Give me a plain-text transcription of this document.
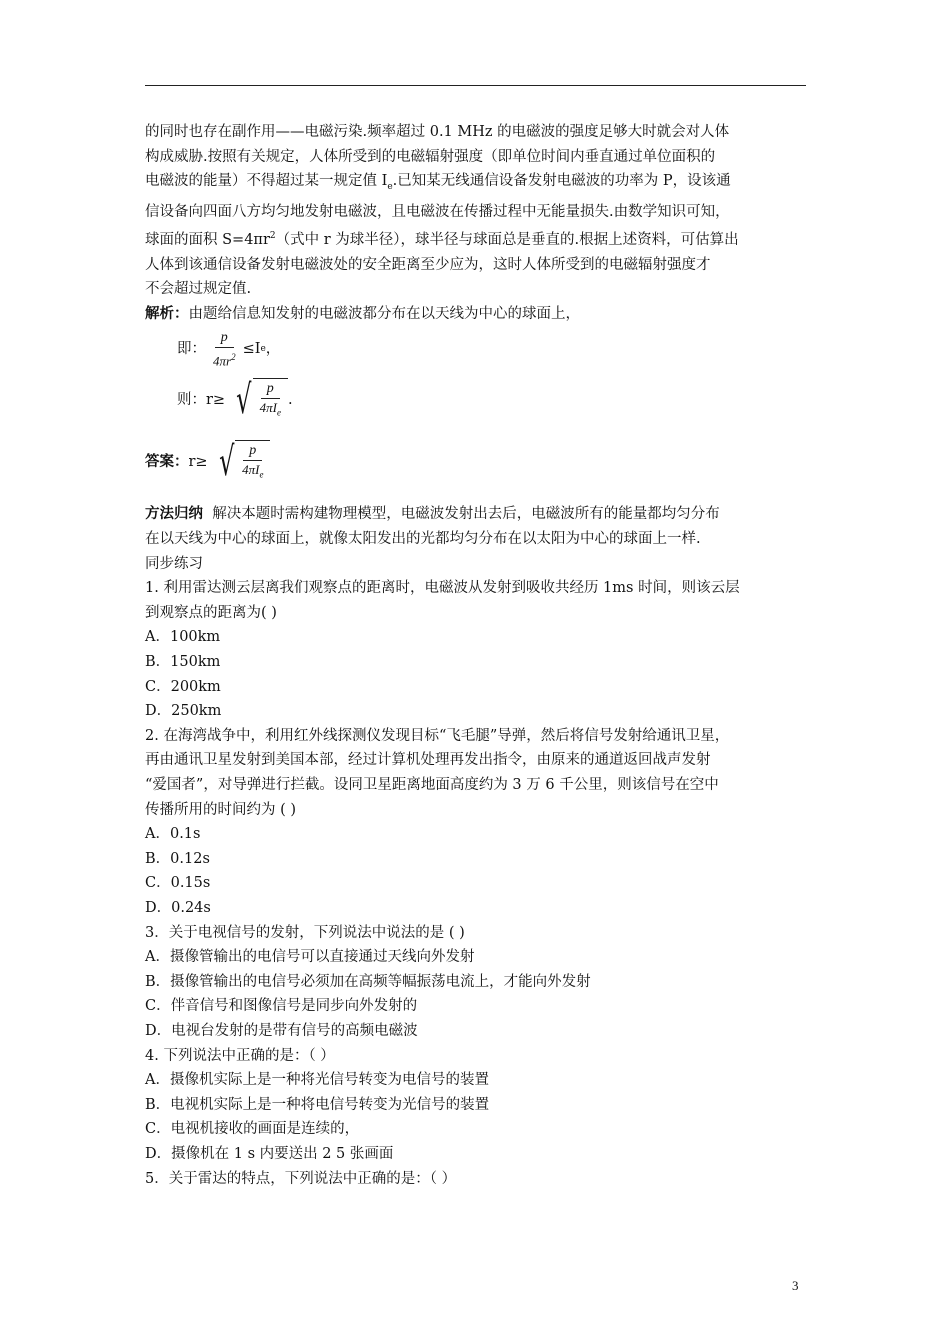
的同时也存在副作用——电磁污染.频率超过 0.1 MHz 的电磁波的强度足够大时就会对人体
构成威胁.按照有关规定，人体所受到的电磁辐射强度（即单位时间内垂直通过单位面积的
电磁波的能量）不得超过某一规定值 $I_e$.已知某无线通信设备发射电磁波的功率为 P，设该通
信设备向四面八方均匀地发射电磁波，且电磁波在传播过程中无能量损失.由数学知识可知，
球面的面积 $S=4\pi r^2$（式中 r 为球半径），球半径与球面总是垂直的.根据上述资料，可估算出
人体到该通信设备发射电磁波处的安全距离至少应为，这时人体所受到的电磁辐射强度才
不会超过规定值.
解析：由题给信息知发射的电磁波都分布在以天线为中心的球面上，
即： $\frac{p}{4\pi r^2} \le I$ e ，
则：r≥ √ $\frac{p}{4\pi I_e}$ .
答案： r≥ √ $\frac{p}{4\pi I_e}$
方法归纳 解决本题时需构建物理模型，电磁波发射出去后，电磁波所有的能量都均匀分布
在以天线为中心的球面上，就像太阳发出的光都均匀分布在以太阳为中心的球面上一样.
同步练习
1. 利用雷达测云层离我们观察点的距离时，电磁波从发射到吸收共经历 1ms 时间，则该云层
到观察点的距离为( )
A．100km
B．150km
C．200km
D．250km
2. 在海湾战争中，利用红外线探测仪发现目标“飞毛腿”导弹，然后将信号发射给通讯卫星，
再由通讯卫星发射到美国本部，经过计算机处理再发出指令，由原来的通道返回战声发射
“爱国者”，对导弹进行拦截。设同卫星距离地面高度约为 3 万 6 千公里，则该信号在空中
传播所用的时间约为 ( )
A．0.1s
B．0.12s
C．0.15s
D．0.24s
3．关于电视信号的发射，下列说法中说法的是 ( )
A．摄像管输出的电信号可以直接通过天线向外发射
B．摄像管输出的电信号必须加在高频等幅振荡电流上，才能向外发射
C．伴音信号和图像信号是同步向外发射的
D．电视台发射的是带有信号的高频电磁波
4. 下列说法中正确的是：（ ）
A．摄像机实际上是一种将光信号转变为电信号的装置
B．电视机实际上是一种将电信号转变为光信号的装置
C．电视机接收的画面是连续的，
D．摄像机在 1 s 内要送出 2 5 张画面
5．关于雷达的特点，下列说法中正确的是：（ ）
3
